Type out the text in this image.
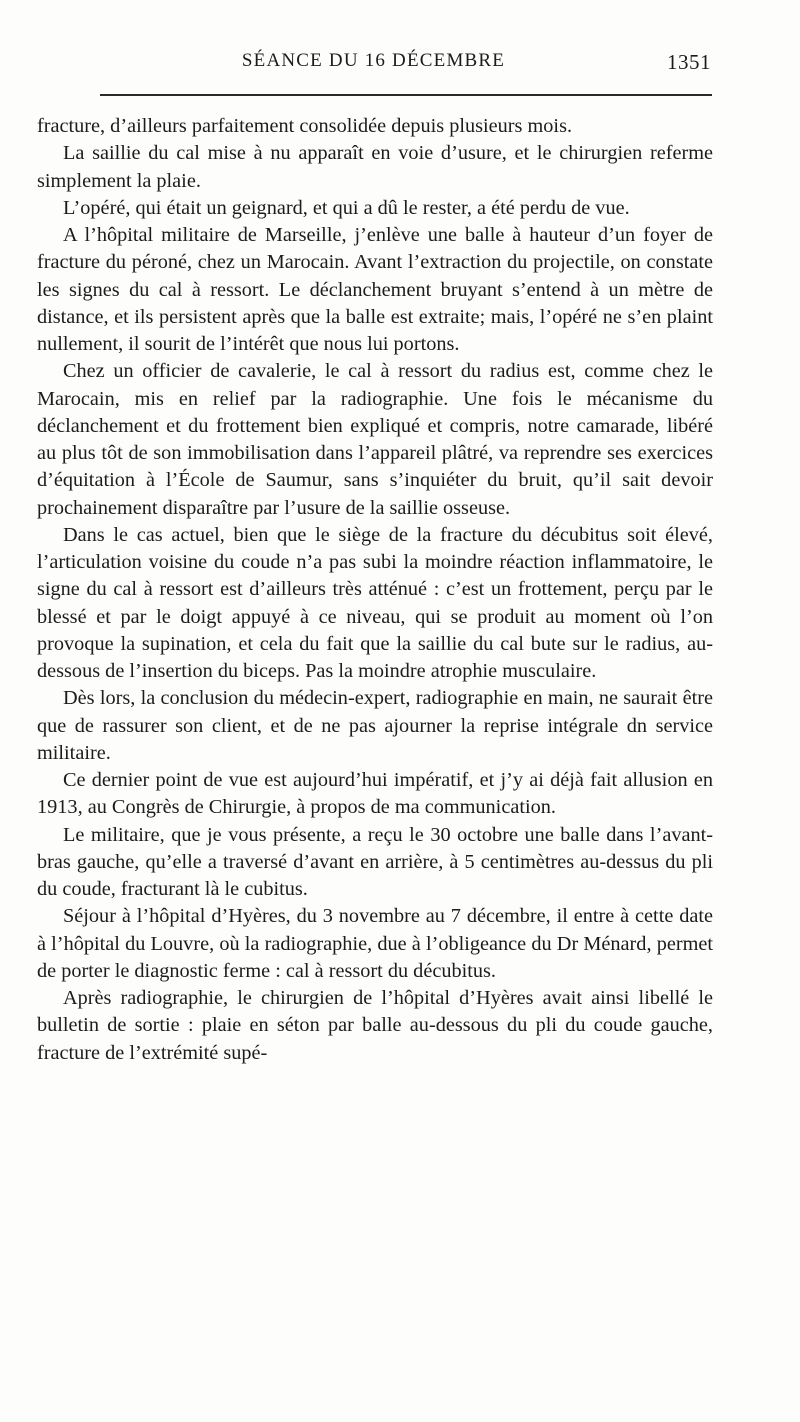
SÉANCE DU 16 DÉCEMBRE	1351

fracture, d’ailleurs parfaitement consolidée depuis plusieurs mois.

La saillie du cal mise à nu apparaît en voie d’usure, et le chirurgien referme simplement la plaie.

L’opéré, qui était un geignard, et qui a dû le rester, a été perdu de vue.

A l’hôpital militaire de Marseille, j’enlève une balle à hauteur d’un foyer de fracture du péroné, chez un Marocain. Avant l’extraction du projectile, on constate les signes du cal à ressort. Le déclanchement bruyant s’entend à un mètre de distance, et ils persistent après que la balle est extraite; mais, l’opéré ne s’en plaint nullement, il sourit de l’intérêt que nous lui portons.

Chez un officier de cavalerie, le cal à ressort du radius est, comme chez le Marocain, mis en relief par la radiographie. Une fois le mécanisme du déclanchement et du frottement bien expliqué et compris, notre camarade, libéré au plus tôt de son immobilisation dans l’appareil plâtré, va reprendre ses exercices d’équitation à l’École de Saumur, sans s’inquiéter du bruit, qu’il sait devoir prochainement disparaître par l’usure de la saillie osseuse.

Dans le cas actuel, bien que le siège de la fracture du décubitus soit élevé, l’articulation voisine du coude n’a pas subi la moindre réaction inflammatoire, le signe du cal à ressort est d’ailleurs très atténué : c’est un frottement, perçu par le blessé et par le doigt appuyé à ce niveau, qui se produit au moment où l’on provoque la supination, et cela du fait que la saillie du cal bute sur le radius, au-dessous de l’insertion du biceps. Pas la moindre atrophie musculaire.

Dès lors, la conclusion du médecin-expert, radiographie en main, ne saurait être que de rassurer son client, et de ne pas ajourner la reprise intégrale dn service militaire.

Ce dernier point de vue est aujourd’hui impératif, et j’y ai déjà fait allusion en 1913, au Congrès de Chirurgie, à propos de ma communication.

Le militaire, que je vous présente, a reçu le 30 octobre une balle dans l’avant-bras gauche, qu’elle a traversé d’avant en arrière, à 5 centimètres au-dessus du pli du coude, fracturant là le cubitus.

Séjour à l’hôpital d’Hyères, du 3 novembre au 7 décembre, il entre à cette date à l’hôpital du Louvre, où la radiographie, due à l’obligeance du Dr Ménard, permet de porter le diagnostic ferme : cal à ressort du décubitus.

Après radiographie, le chirurgien de l’hôpital d’Hyères avait ainsi libellé le bulletin de sortie : plaie en séton par balle au-dessous du pli du coude gauche, fracture de l’extrémité supé-
